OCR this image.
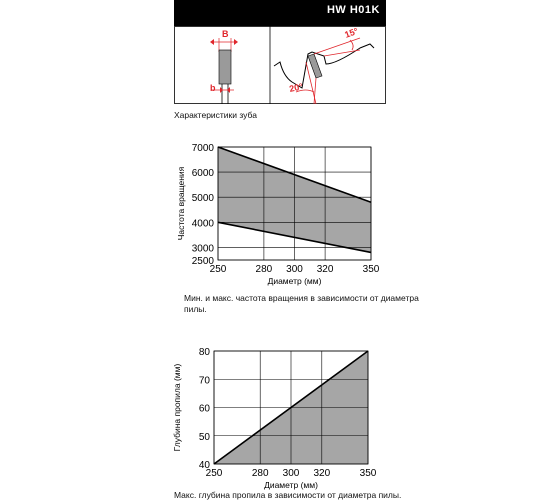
HW H01K
B
b
15°
20°
Характеристики зуба
250	280 300 320	350
2500
3000
4000
5000
6000
7000
Диаметр (мм)
Частота вращения
250	280 300 320	350
40
50
60
70
80
Диаметр (мм)
Глубина пропила (мм)
Мин. и макс. частота вращения в зависимости от диаметра пилы.
Макс. глубина пропила в зависимости от диаметра пилы.
